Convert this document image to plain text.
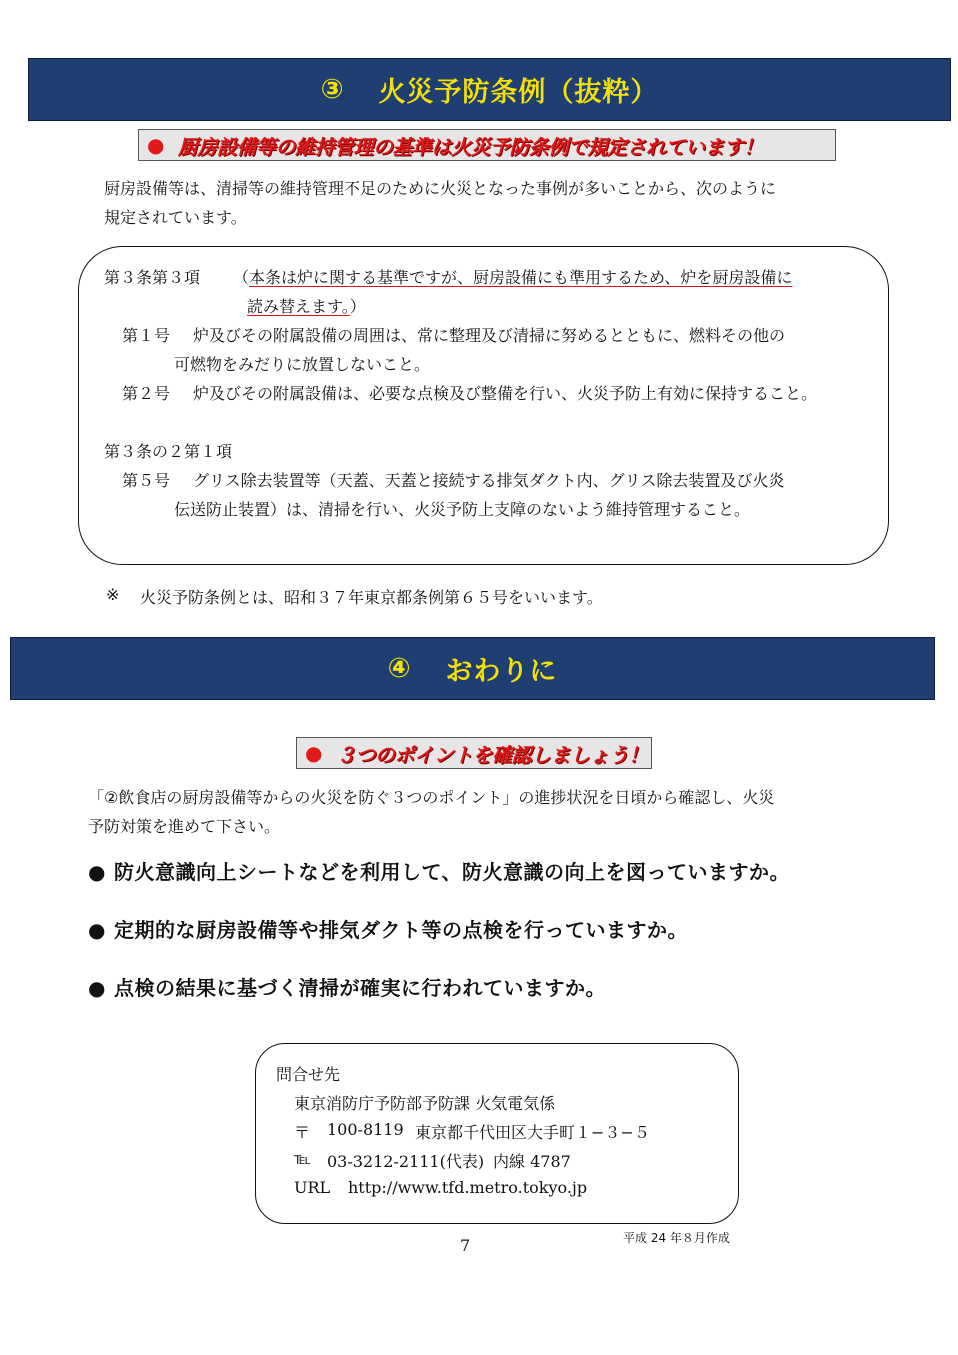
③ 火災予防条例（抜粋）
● 厨房設備等の維持管理の基準は火災予防条例で規定されています！
厨房設備等は、清掃等の維持管理不足のために火災となった事例が多いことから、次のように
規定されています。
第３条第３項 （本条は炉に関する基準ですが、厨房設備にも準用するため、炉を厨房設備に
読み替えます。）
第１号 炉及びその附属設備の周囲は、常に整理及び清掃に努めるとともに、燃料その他の
可燃物をみだりに放置しないこと。
第２号 炉及びその附属設備は、必要な点検及び整備を行い、火災予防上有効に保持すること。
第３条の２第１項
第５号 グリス除去装置等（天蓋、天蓋と接続する排気ダクト内、グリス除去装置及び火炎
伝送防止装置）は、清掃を行い、火災予防上支障のないよう維持管理すること。
※ 火災予防条例とは、昭和３７年東京都条例第６５号をいいます。
④ おわりに
● ３つのポイントを確認しましょう！
「②飲食店の厨房設備等からの火災を防ぐ３つのポイント」の進捗状況を日頃から確認し、火災
予防対策を進めて下さい。
● 防火意識向上シートなどを利用して、防火意識の向上を図っていますか。
● 定期的な厨房設備等や排気ダクト等の点検を行っていますか。
● 点検の結果に基づく清掃が確実に行われていますか。
問合せ先
東京消防庁予防部予防課 火気電気係
〒 100-8119 東京都千代田区大手町１−３−５
℡ 03-3212-2111(代表) 内線 4787
URL http://www.tfd.metro.tokyo.jp
7	平成 24 年８月作成
